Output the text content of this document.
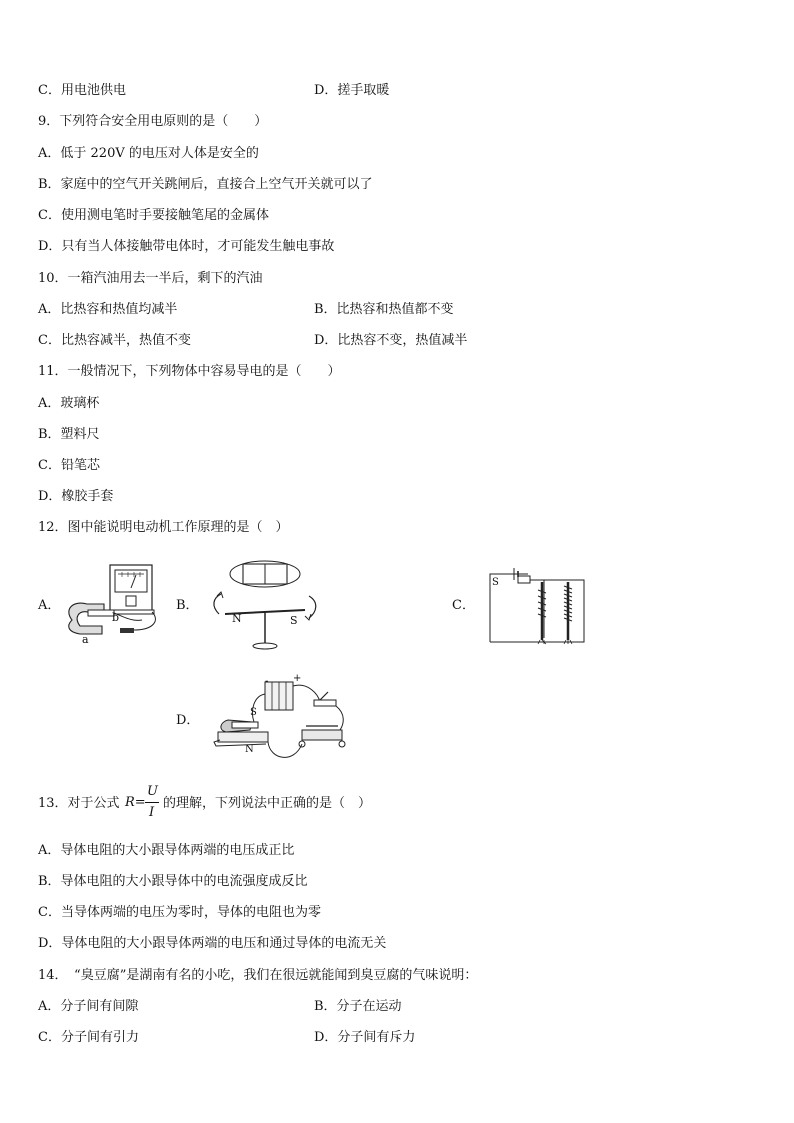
C．用电池供电	D．搓手取暖
9．下列符合安全用电原则的是（　　）
A．低于 220V 的电压对人体是安全的
B．家庭中的空气开关跳闸后，直接合上空气开关就可以了
C．使用测电笔时手要接触笔尾的金属体
D．只有当人体接触带电体时，才可能发生触电事故
10．一箱汽油用去一半后，剩下的汽油
A．比热容和热值均减半	B．比热容和热值都不变
C．比热容减半，热值不变	D．比热容不变，热值减半
11．一般情况下，下列物体中容易导电的是（　　）
A．玻璃杯
B．塑料尺
C．铅笔芯
D．橡胶手套
12．图中能说明电动机工作原理的是（　）
A．
b
a
B．
N	S
C．
S
D．
- +
S
N
13．对于公式 R=
U
I
的理解，下列说法中正确的是（　）
A．导体电阻的大小跟导体两端的电压成正比
B．导体电阻的大小跟导体中的电流强度成反比
C．当导体两端的电压为零时，导体的电阻也为零
D．导体电阻的大小跟导体两端的电压和通过导体的电流无关
14．　“臭豆腐”是湖南有名的小吃，我们在很远就能闻到臭豆腐的气味说明：
A．分子间有间隙	B．分子在运动
C．分子间有引力	D．分子间有斥力
